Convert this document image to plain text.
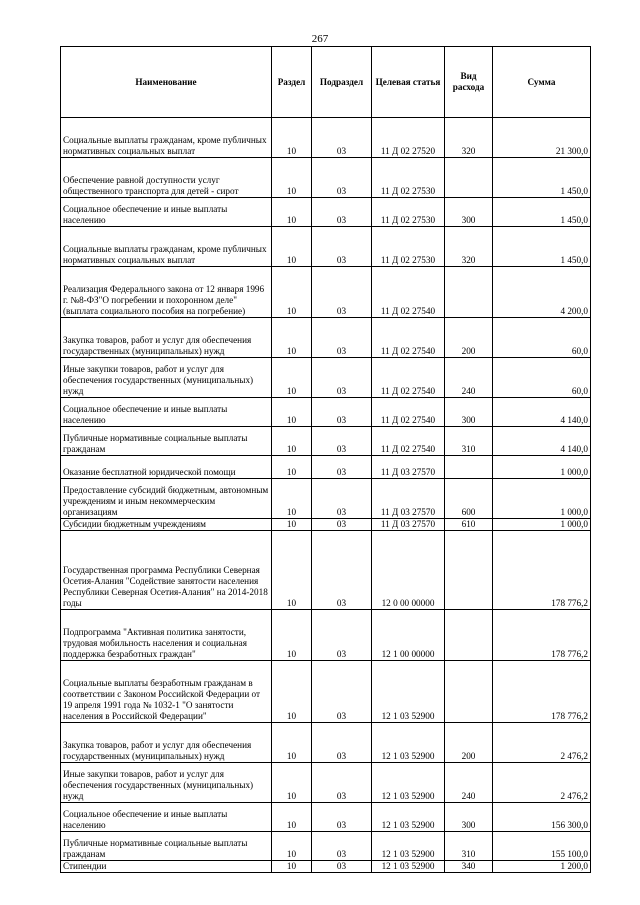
267
Наименование	Раздел	Подраздел	Целевая статья	Вид расхода	Сумма
Социальные выплаты гражданам, кроме публичных нормативных социальных выплат	10	03	11 Д 02 27520	320	21 300,0
Обеспечение равной доступности услуг общественного транспорта для детей - сирот	10	03	11 Д 02 27530		1 450,0
Социальное обеспечение и иные выплаты населению	10	03	11 Д 02 27530	300	1 450,0
Социальные выплаты гражданам, кроме публичных нормативных социальных выплат	10	03	11 Д 02 27530	320	1 450,0
Реализация Федерального закона от 12 января 1996 г. №8-ФЗ"О погребении и похоронном деле" (выплата социального пособия на погребение)	10	03	11 Д 02 27540		4 200,0
Закупка товаров, работ и услуг для обеспечения государственных (муниципальных) нужд	10	03	11 Д 02 27540	200	60,0
Иные закупки товаров, работ и услуг для обеспечения государственных (муниципальных) нужд	10	03	11 Д 02 27540	240	60,0
Социальное обеспечение и иные выплаты населению	10	03	11 Д 02 27540	300	4 140,0
Публичные нормативные социальные выплаты гражданам	10	03	11 Д 02 27540	310	4 140,0
Оказание бесплатной юридической помощи	10	03	11 Д 03 27570		1 000,0
Предоставление субсидий бюджетным, автономным учреждениям и иным некоммерческим организациям	10	03	11 Д 03 27570	600	1 000,0
Субсидии бюджетным учреждениям	10	03	11 Д 03 27570	610	1 000,0
Государственная программа Республики Северная Осетия-Алания "Содействие занятости населения Республики Северная Осетия-Алания" на 2014-2018 годы	10	03	12 0 00 00000		178 776,2
Подпрограмма "Активная политика занятости, трудовая мобильность населения и социальная поддержка безработных граждан"	10	03	12 1 00 00000		178 776,2
Социальные выплаты безработным гражданам в соответствии с Законом Российской Федерации от 19 апреля 1991 года № 1032-1 "О занятости населения в Российской Федерации"	10	03	12 1 03 52900		178 776,2
Закупка товаров, работ и услуг для обеспечения государственных (муниципальных) нужд	10	03	12 1 03 52900	200	2 476,2
Иные закупки товаров, работ и услуг для обеспечения государственных (муниципальных) нужд	10	03	12 1 03 52900	240	2 476,2
Социальное обеспечение и иные выплаты населению	10	03	12 1 03 52900	300	156 300,0
Публичные нормативные социальные выплаты гражданам	10	03	12 1 03 52900	310	155 100,0
Стипендии	10	03	12 1 03 52900	340	1 200,0
